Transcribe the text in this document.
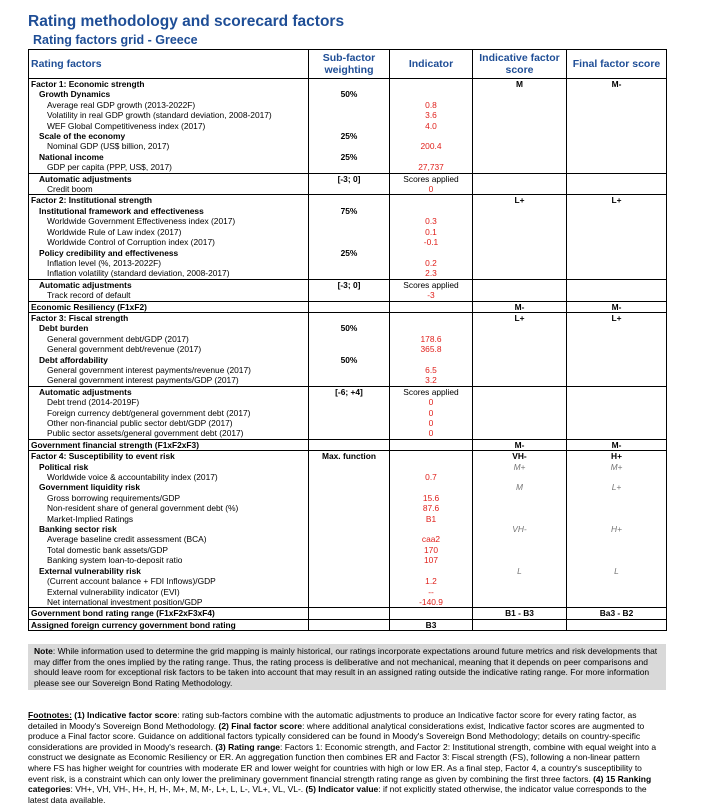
Rating methodology and scorecard factors
Rating factors grid - Greece
Rating factors	Sub-factor weighting	Indicator	Indicative factor score	Final factor score
Factor 1: Economic strength			M	M-
Growth Dynamics	50%			
Average real GDP growth (2013-2022F)		0.8		
Volatility in real GDP growth (standard deviation, 2008-2017)		3.6		
WEF Global Competitiveness index (2017)		4.0		
Scale of the economy	25%			
Nominal GDP (US$ billion, 2017)		200.4		
National income	25%			
GDP per capita (PPP, US$, 2017)		27,737		
Automatic adjustments	[-3; 0]	Scores applied		
Credit boom		0		
Factor 2: Institutional strength			L+	L+
Institutional framework and effectiveness	75%			
Worldwide Government Effectiveness index (2017)		0.3		
Worldwide Rule of Law index (2017)		0.1		
Worldwide Control of Corruption index (2017)		-0.1		
Policy credibility and effectiveness	25%			
Inflation level (%, 2013-2022F)		0.2		
Inflation volatility (standard deviation, 2008-2017)		2.3		
Automatic adjustments	[-3; 0]	Scores applied		
Track record of default		-3		
Economic Resiliency (F1xF2)			M-	M-
Factor 3: Fiscal strength			L+	L+
Debt burden	50%			
General government debt/GDP (2017)		178.6		
General government debt/revenue (2017)		365.8		
Debt affordability	50%			
General government interest payments/revenue (2017)		6.5		
General government interest payments/GDP (2017)		3.2		
Automatic adjustments	[-6; +4]	Scores applied		
Debt trend (2014-2019F)		0		
Foreign currency debt/general government debt (2017)		0		
Other non-financial public sector debt/GDP (2017)		0		
Public sector assets/general government debt (2017)		0		
Government financial strength (F1xF2xF3)			M-	M-
Factor 4: Susceptibility to event risk	Max. function		VH-	H+
Political risk			M+	M+
Worldwide voice & accountability index (2017)		0.7		
Government liquidity risk			M	L+
Gross borrowing requirements/GDP		15.6		
Non-resident share of general government debt (%)		87.6		
Market-Implied Ratings		B1		
Banking sector risk			VH-	H+
Average baseline credit assessment (BCA)		caa2		
Total domestic bank assets/GDP		170		
Banking system loan-to-deposit ratio		107		
External vulnerability risk			L	L
(Current account balance + FDI Inflows)/GDP		1.2		
External vulnerability indicator (EVI)		--		
Net international investment position/GDP		-140.9		
Government bond rating range (F1xF2xF3xF4)			B1 - B3	Ba3 - B2
Assigned foreign currency government bond rating		B3		
Note: While information used to determine the grid mapping is mainly historical, our ratings incorporate expectations around future metrics and risk developments that may differ from the ones implied by the rating range. Thus, the rating process is deliberative and not mechanical, meaning that it depends on peer comparisons and should leave room for exceptional risk factors to be taken into account that may result in an assigned rating outside the indicative rating range. For more information please see our Sovereign Bond Rating Methodology.
Footnotes: (1) Indicative factor score: rating sub-factors combine with the automatic adjustments to produce an Indicative factor score for every rating factor, as detailed in Moody's Sovereign Bond Methodology. (2) Final factor score: where additional analytical considerations exist, Indicative factor scores are augmented to produce a Final factor score. Guidance on additional factors typically considered can be found in Moody's Sovereign Bond Methodology; details on country-specific considerations are provided in Moody's research. (3) Rating range: Factors 1: Economic strength, and Factor 2: Institutional strength, combine with equal weight into a construct we designate as Economic Resiliency or ER. An aggregation function then combines ER and Factor 3: Fiscal strength (FS), following a non-linear pattern where FS has higher weight for countries with moderate ER and lower weight for countries with high or low ER. As a final step, Factor 4, a country's susceptibility to event risk, is a constraint which can only lower the preliminary government financial strength rating range as given by combining the first three factors. (4) 15 Ranking categories: VH+, VH, VH-, H+, H, H-, M+, M, M-, L+, L, L-, VL+, VL, VL-. (5) Indicator value: if not explicitly stated otherwise, the indicator value corresponds to the latest data available.
